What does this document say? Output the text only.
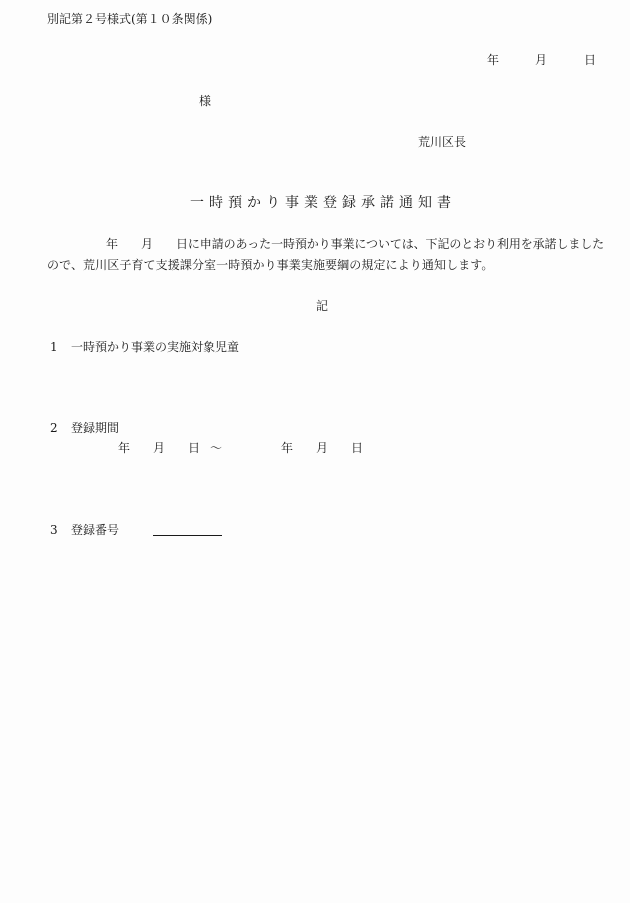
別記第２号様式(第１０条関係)
年	月	日
様
荒川区長
一時預かり事業登録承諾通知書
年 月 日に申請のあった一時預かり事業については、下記のとおり利用を承諾しました
ので、荒川区子育て支援課分室一時預かり事業実施要綱の規定により通知します。
記
1 一時預かり事業の実施対象児童
2 登録期間
年 月 日 ～	年 月 日
3 登録番号
